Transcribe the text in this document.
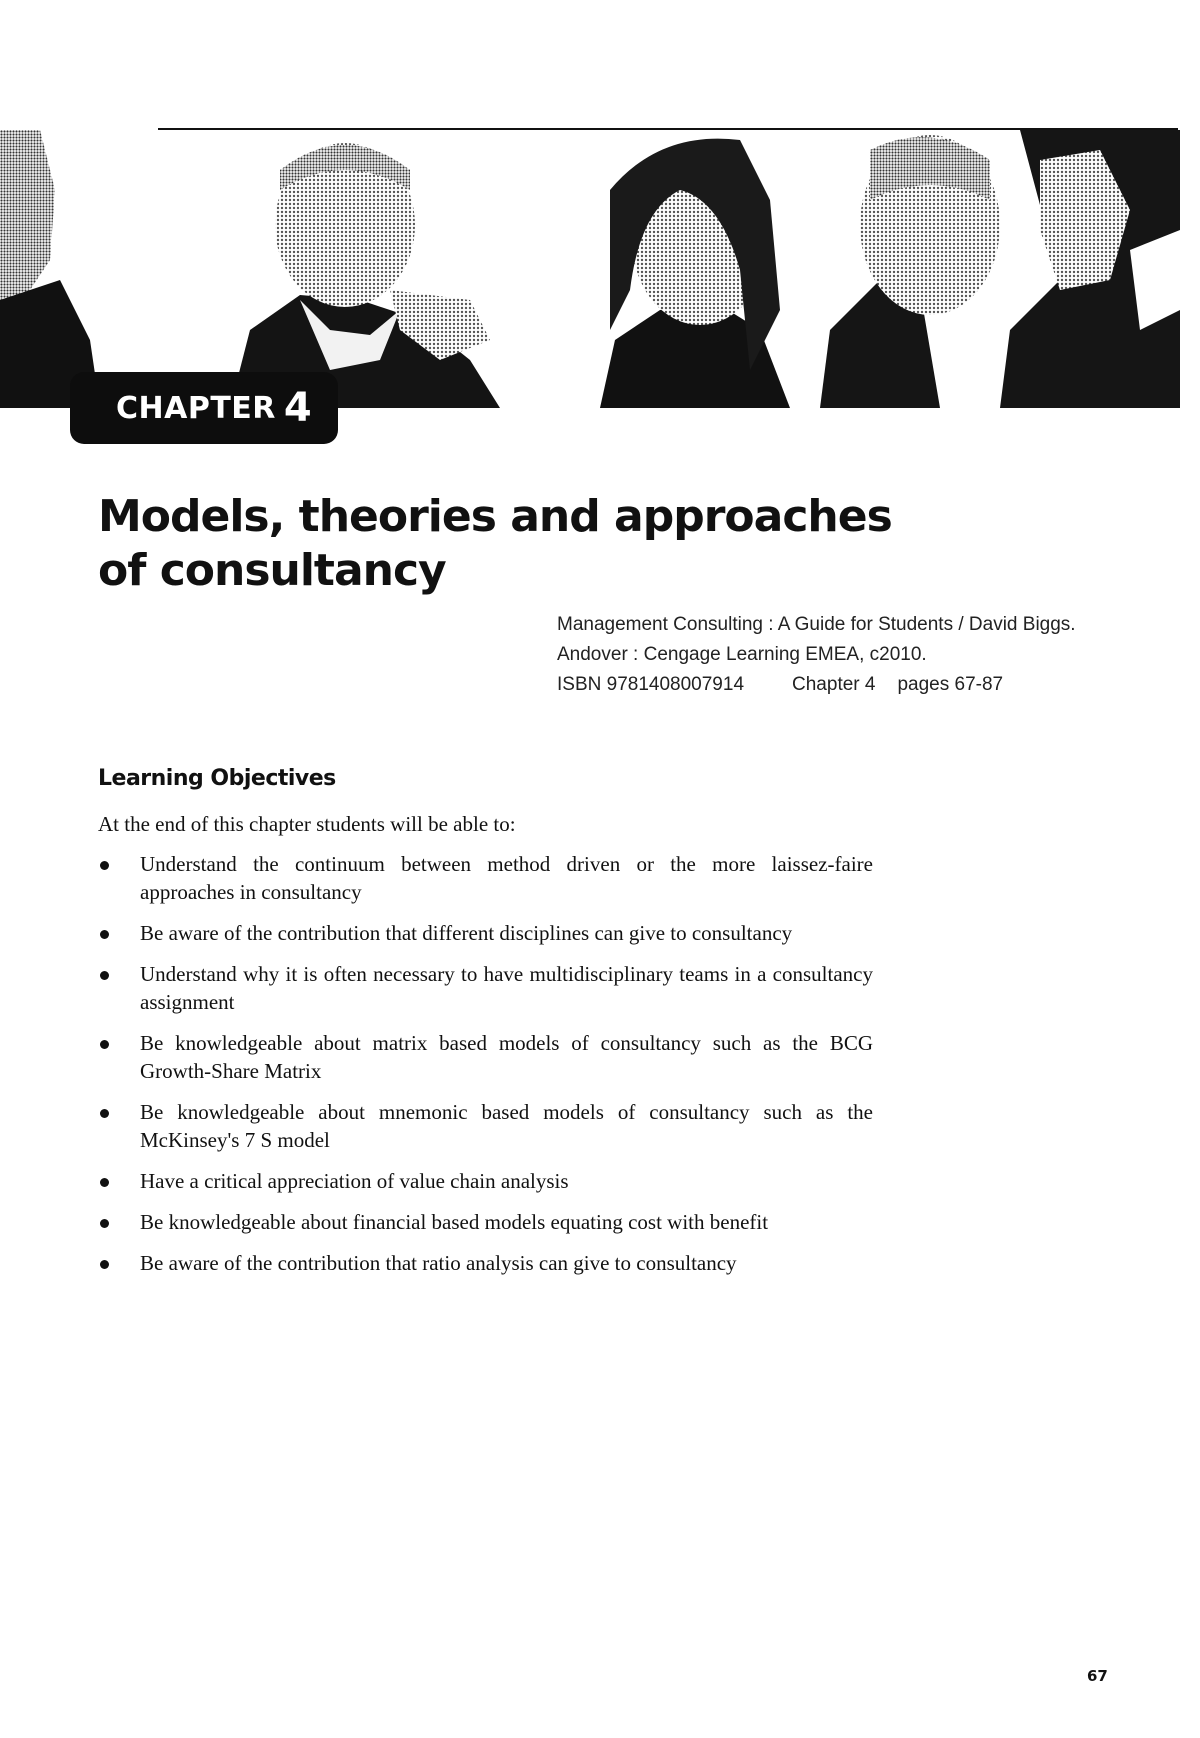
CHAPTER 4
Models, theories and approaches
of consultancy
Management Consulting : A Guide for Students / David Biggs.
Andover : Cengage Learning EMEA, c2010.
ISBN 9781408007914	Chapter 4 pages 67-87
Learning Objectives

At the end of this chapter students will be able to:

Understand the continuum between method driven or the more laissez-faire approaches in consultancy
Be aware of the contribution that different disciplines can give to consultancy
Understand why it is often necessary to have multidisciplinary teams in a consultancy assignment
Be knowledgeable about matrix based models of consultancy such as the BCG Growth-Share Matrix
Be knowledgeable about mnemonic based models of consultancy such as the McKinsey's 7 S model
Have a critical appreciation of value chain analysis
Be knowledgeable about financial based models equating cost with benefit
Be aware of the contribution that ratio analysis can give to consultancy
67
